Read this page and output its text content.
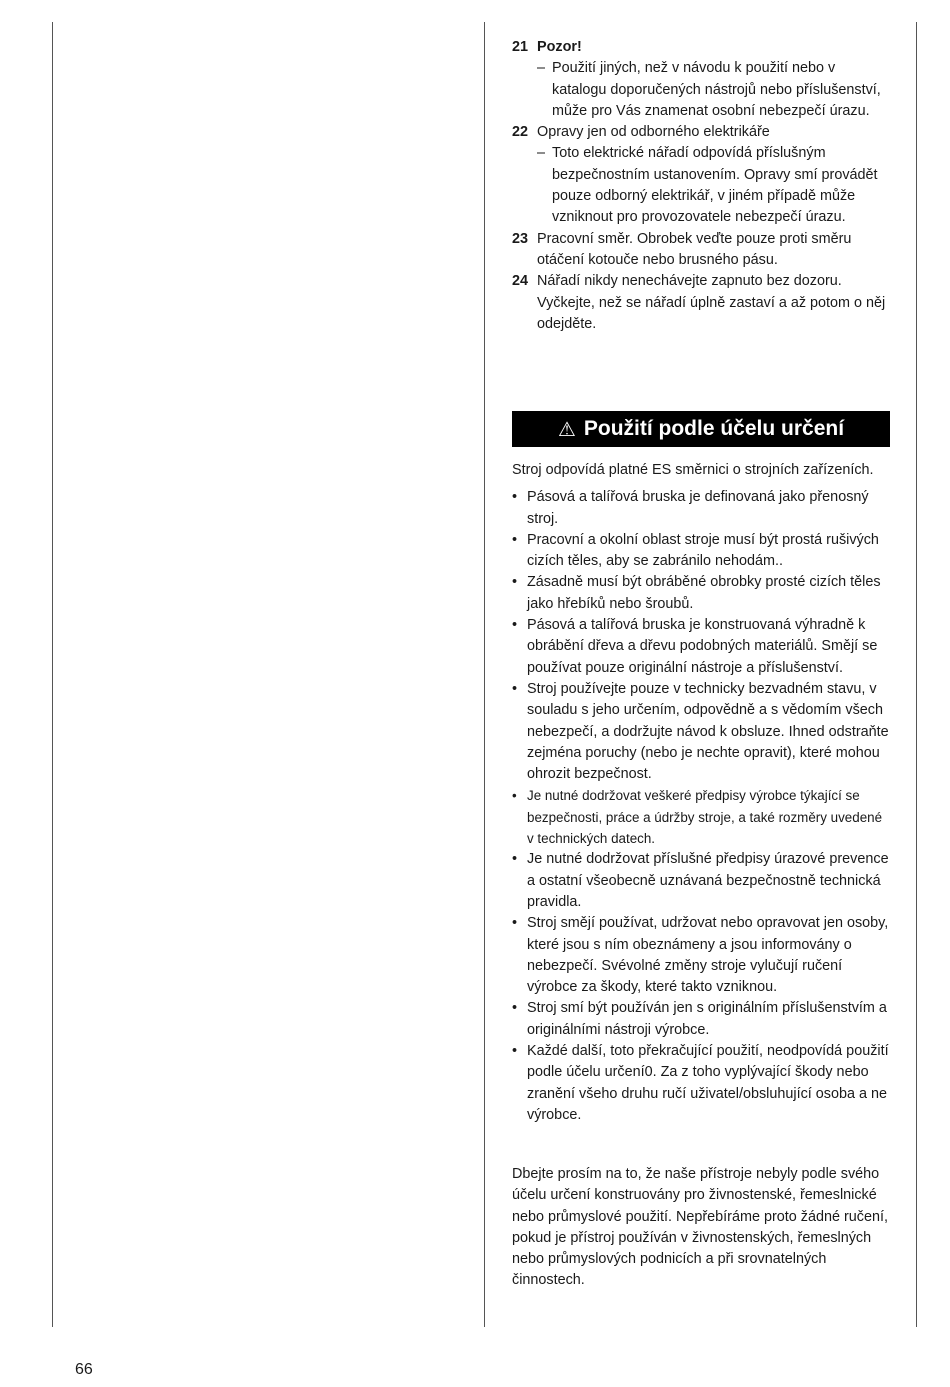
21 Pozor!
– Použití jiných, než v návodu k použití nebo v katalogu doporučených nástrojů nebo příslušenství, může pro Vás znamenat osobní nebezpečí úrazu.
22 Opravy jen od odborného elektrikáře
– Toto elektrické nářadí odpovídá příslušným bezpečnostním ustanovením. Opravy smí provádět pouze odborný elektrikář, v jiném případě může vzniknout pro provozovatele nebezpečí úrazu.
23 Pracovní směr. Obrobek veďte pouze proti směru otáčení kotouče nebo brusného pásu.
24 Nářadí nikdy nenechávejte zapnuto bez dozoru. Vyčkejte, než se nářadí úplně zastaví a až potom o něj odejděte.
⚠ Použití podle účelu určení
Stroj odpovídá platné ES směrnici o strojních zařízeních.
• Pásová a talířová bruska je definovaná jako přenosný stroj.
• Pracovní a okolní oblast stroje musí být prostá rušivých cizích těles, aby se zabránilo nehodám..
• Zásadně musí být obráběné obrobky prosté cizích těles jako hřebíků nebo šroubů.
• Pásová a talířová bruska je konstruovaná výhradně k obrábění dřeva a dřevu podobných materiálů. Smějí se používat pouze originální nástroje a příslušenství.
• Stroj používejte pouze v technicky bezvadném stavu, v souladu s jeho určením, odpovědně a s vědomím všech nebezpečí, a dodržujte návod k obsluze. Ihned odstraňte zejména poruchy (nebo je nechte opravit), které mohou ohrozit bezpečnost.
• Je nutné dodržovat veškeré předpisy výrobce týkající se bezpečnosti, práce a údržby stroje, a také rozměry uvedené v technických datech.
• Je nutné dodržovat příslušné předpisy úrazové prevence a ostatní všeobecně uznávaná bezpečnostně technická pravidla.
• Stroj smějí používat, udržovat nebo opravovat jen osoby, které jsou s ním obeznámeny a jsou informovány o nebezpečí. Svévolné změny stroje vylučují ručení výrobce za škody, které takto vzniknou.
• Stroj smí být používán jen s originálním příslušenstvím a originálními nástroji výrobce.
• Každé další, toto překračující použití, neodpovídá použití podle účelu určení0. Za z toho vyplývající škody nebo zranění všeho druhu ručí uživatel/obsluhující osoba a ne výrobce.
Dbejte prosím na to, že naše přístroje nebyly podle svého účelu určení konstruovány pro živnostenské, řemeslnické nebo průmyslové použití. Nepřebíráme proto žádné ručení, pokud je přístroj používán v živnostenských, řemeslných nebo průmyslových podnicích a při srovnatelných činnostech.
66
